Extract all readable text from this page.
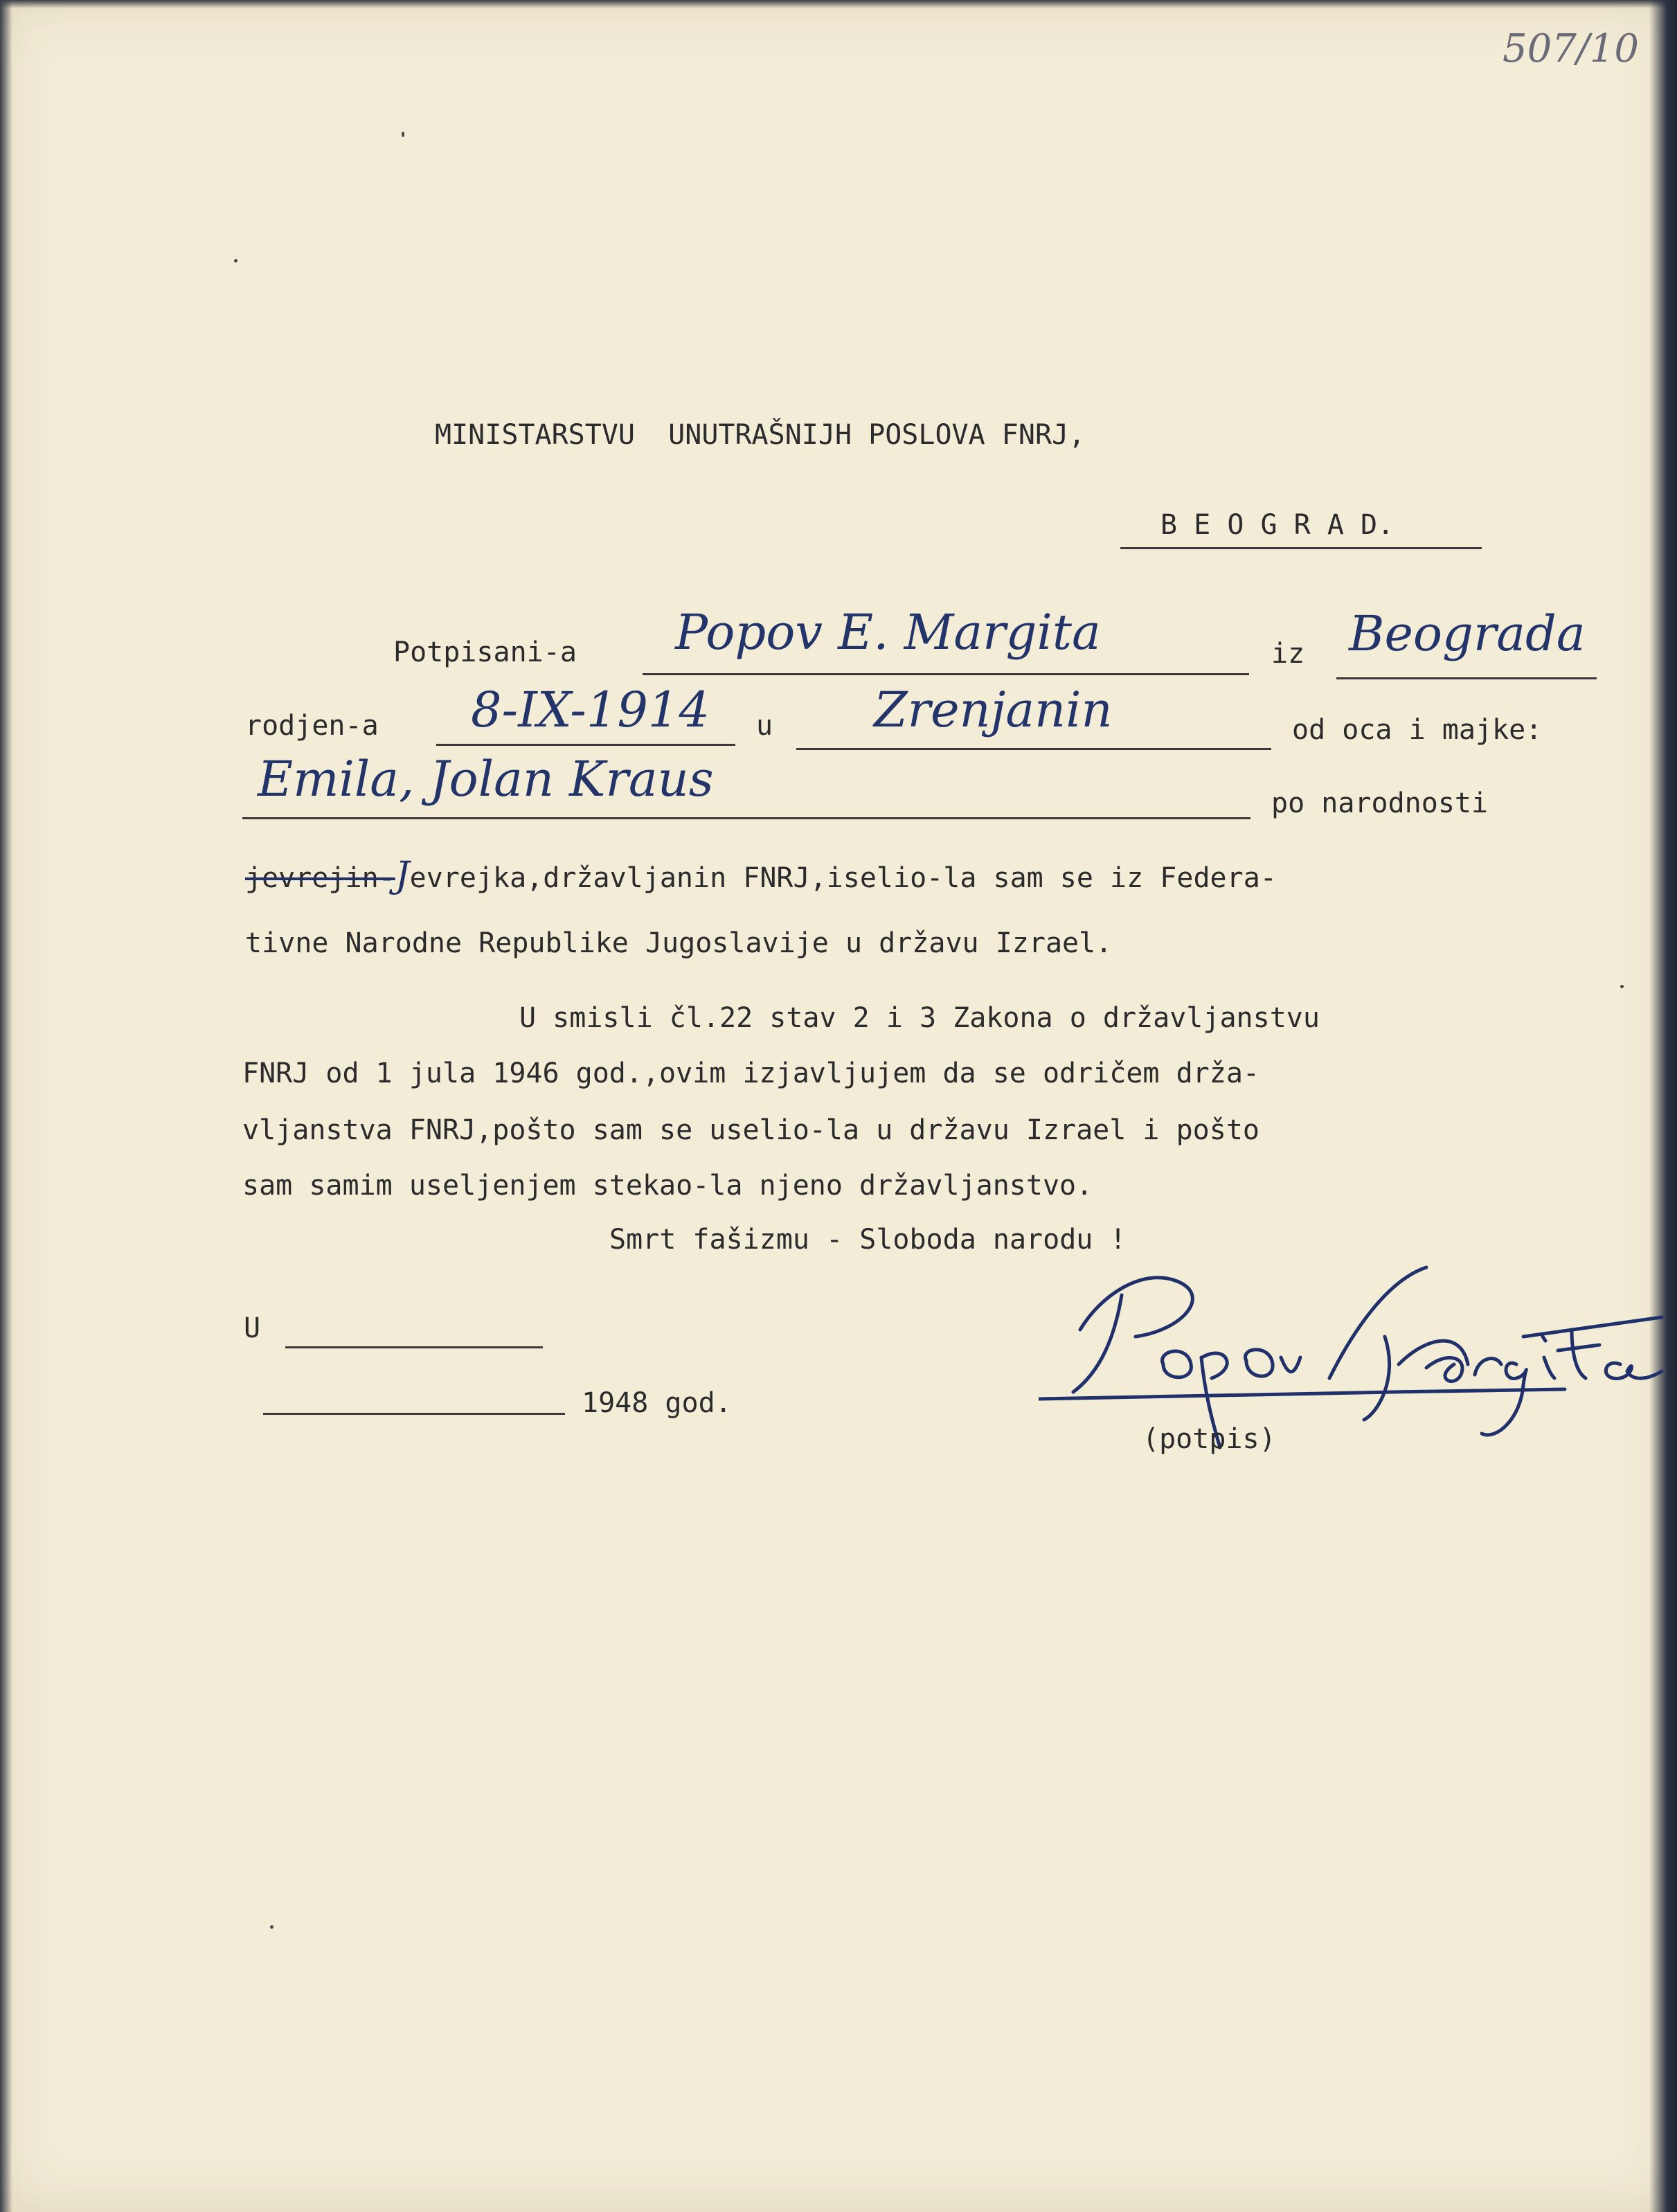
507/10
MINISTARSTVU  UNUTRAŠNIJH POSLOVA FNRJ,
B E O G R A D.
Potpisani-a Popov E. Margita	iz Beograda
rodjen-a 8-IX-1914 u Zrenjanin	od oca i majke:
Emila, Jolan Kraus	po narodnosti
jevrejin-Jevrejka,državljanin FNRJ,iselio-la sam se iz Federa-
tivne Narodne Republike Jugoslavije u državu Izrael.
U smisli čl.22 stav 2 i 3 Zakona o državljanstvu
FNRJ od 1 jula 1946 god.,ovim izjavljujem da se odričem drža-
vljanstva FNRJ,pošto sam se uselio-la u državu Izrael i pošto
sam samim useljenjem stekao-la njeno državljanstvo.
Smrt fašizmu - Sloboda narodu !
U
1948 god.
(potpis)
